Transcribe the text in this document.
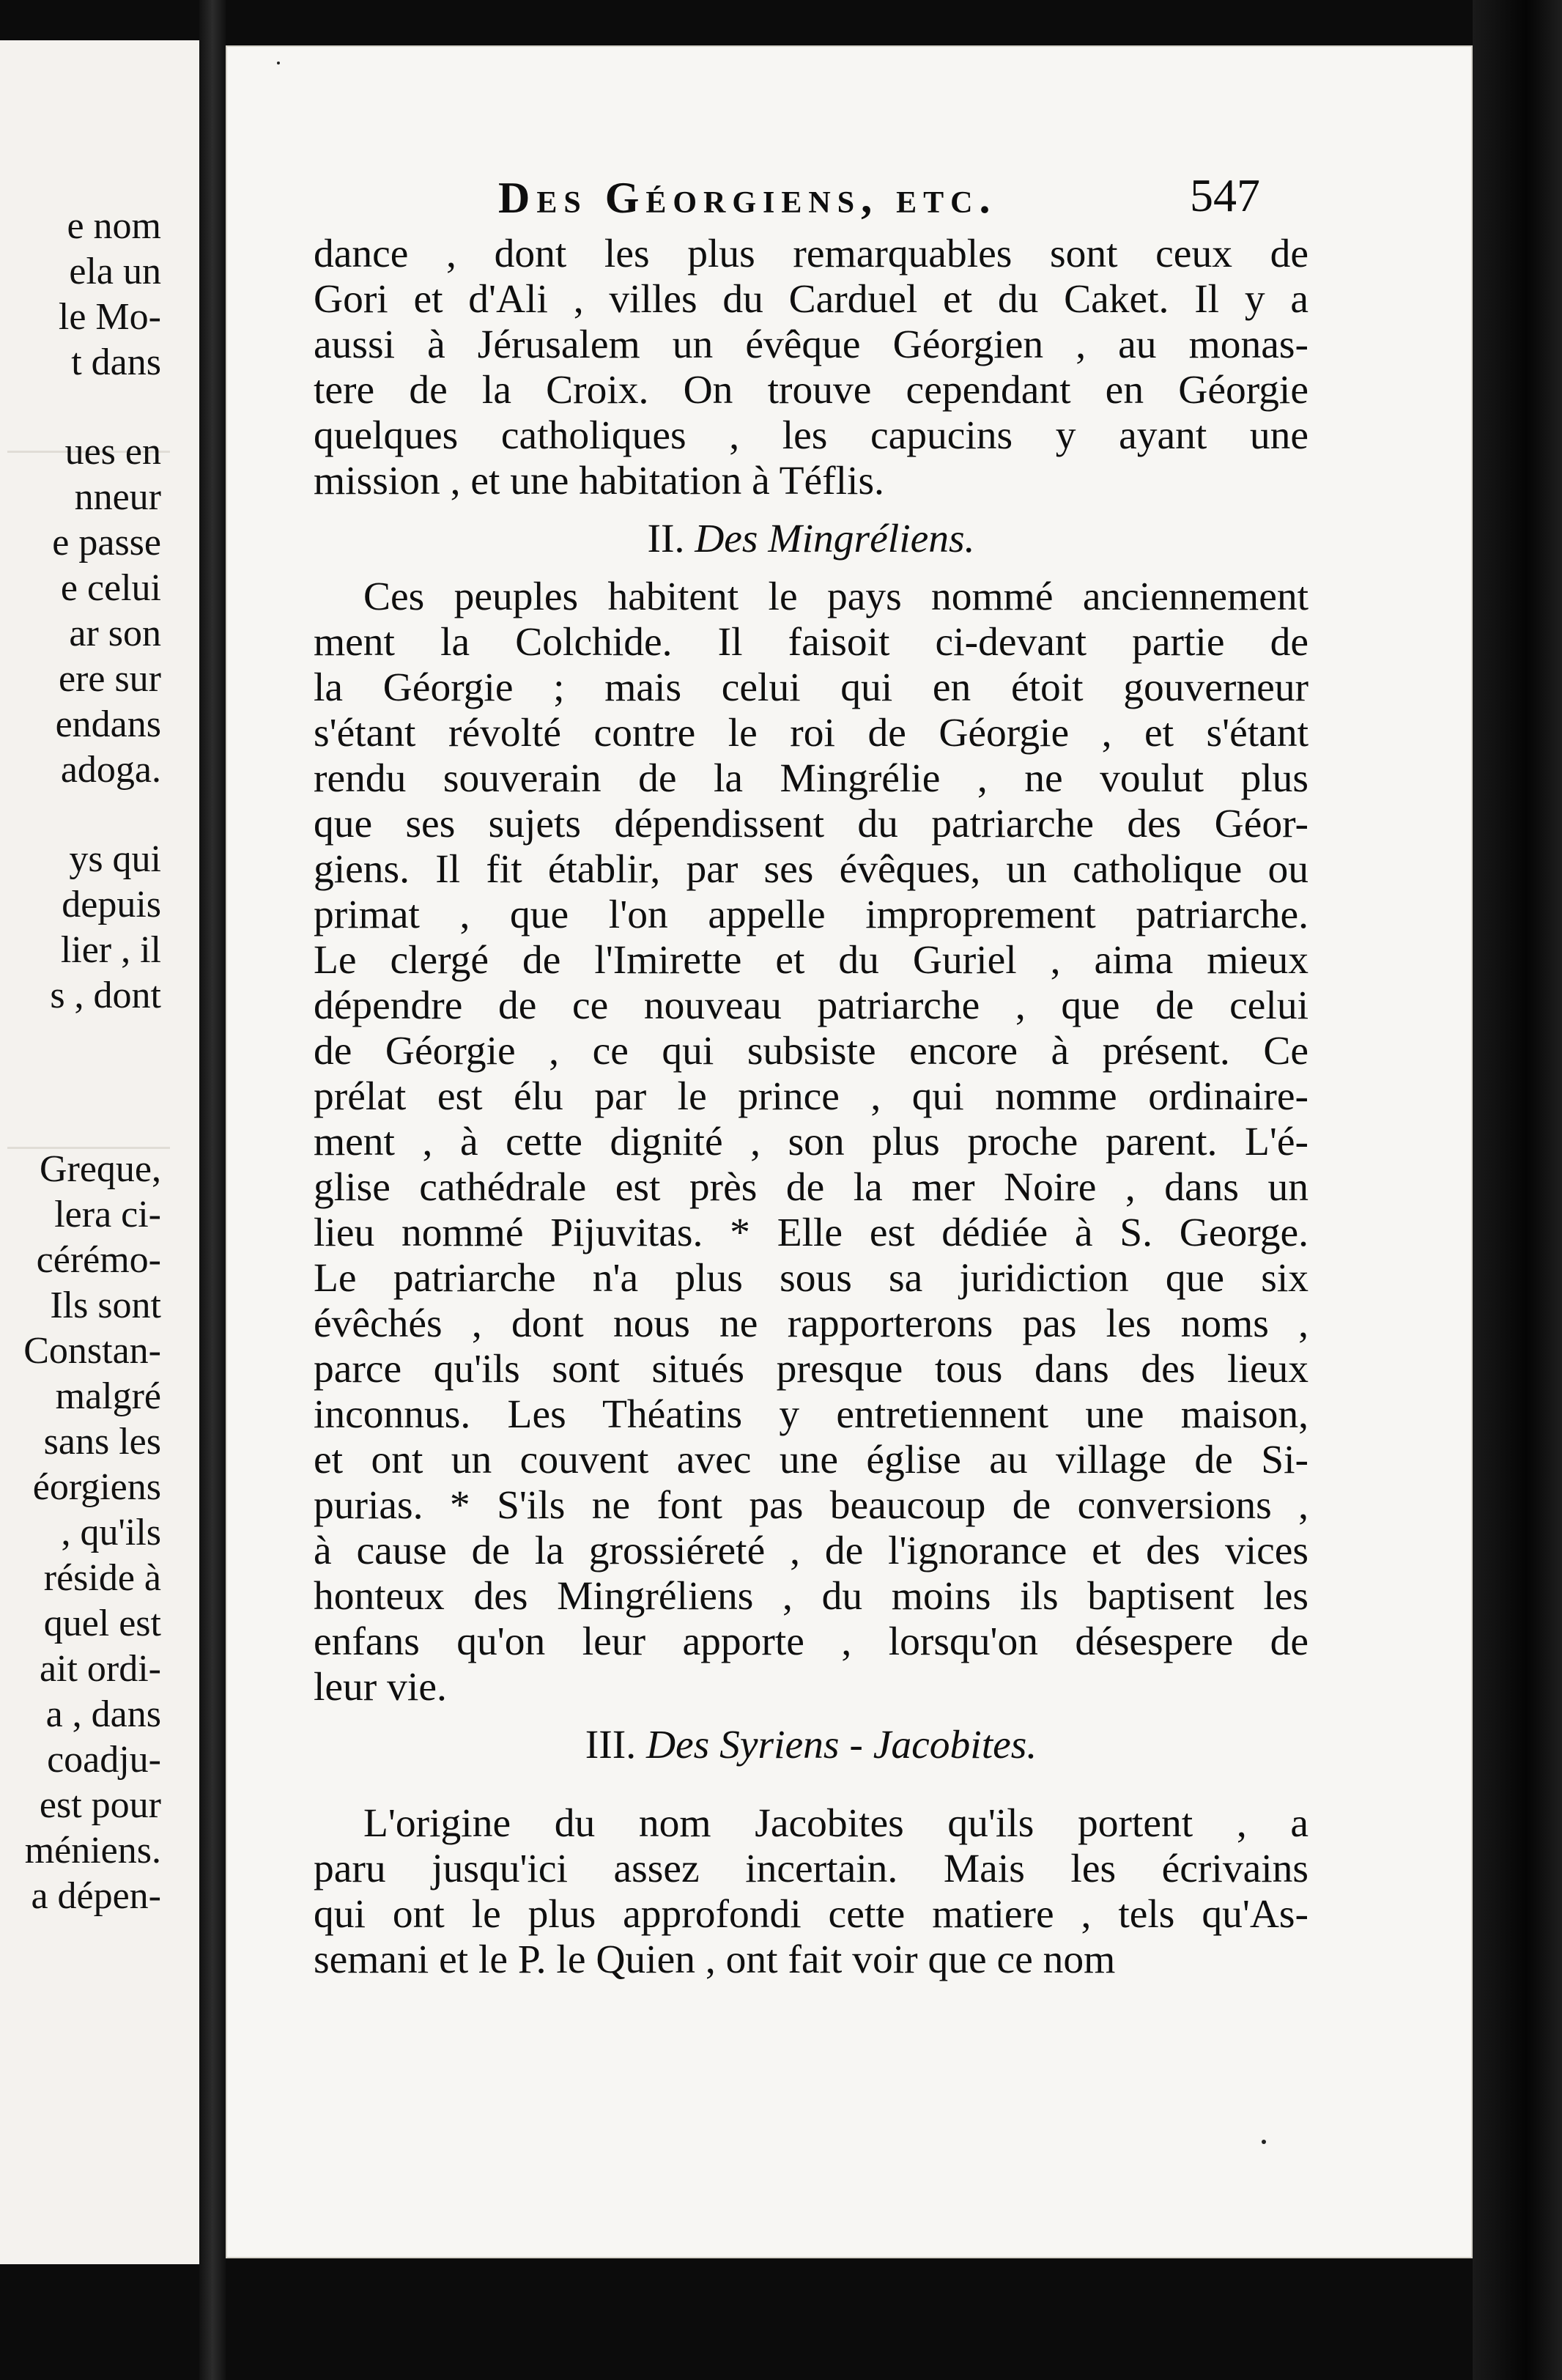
e nom
ela un
le Mo-
t dans
ues en
nneur
e passe
e celui
ar son
ere sur
endans
adoga.
ys qui
depuis
lier , il
s , dont
Greque,
lera ci-
cérémo-
Ils sont
Constan-
malgré
sans les
éorgiens
, qu'ils
réside à
quel est
ait ordi-
a , dans
coadju-
est pour
méniens.
a dépen-
Des Géorgiens, etc.	547
dance , dont les plus remarquables sont ceux de
Gori et d'Ali , villes du Carduel et du Caket. Il y a
aussi à Jérusalem un évêque Géorgien , au monas-
tere de la Croix. On trouve cependant en Géorgie
quelques catholiques , les capucins y ayant une
mission , et une habitation à Téflis.
II. Des Mingréliens.
Ces peuples habitent le pays nommé anciennement
ment la Colchide. Il faisoit ci-devant partie de
la Géorgie ; mais celui qui en étoit gouverneur
s'étant révolté contre le roi de Géorgie , et s'étant
rendu souverain de la Mingrélie , ne voulut plus
que ses sujets dépendissent du patriarche des Géor-
giens. Il fit établir, par ses évêques, un catholique ou
primat , que l'on appelle improprement patriarche.
Le clergé de l'Imirette et du Guriel , aima mieux
dépendre de ce nouveau patriarche , que de celui
de Géorgie , ce qui subsiste encore à présent. Ce
prélat est élu par le prince , qui nomme ordinaire-
ment , à cette dignité , son plus proche parent. L'é-
glise cathédrale est près de la mer Noire , dans un
lieu nommé Pijuvitas. * Elle est dédiée à S. George.
Le patriarche n'a plus sous sa juridiction que six
évêchés , dont nous ne rapporterons pas les noms ,
parce qu'ils sont situés presque tous dans des lieux
inconnus. Les Théatins y entretiennent une maison,
et ont un couvent avec une église au village de Si-
purias. * S'ils ne font pas beaucoup de conversions ,
à cause de la grossiéreté , de l'ignorance et des vices
honteux des Mingréliens , du moins ils baptisent les
enfans qu'on leur apporte , lorsqu'on désespere de
leur vie.
III. Des Syriens - Jacobites.
L'origine du nom Jacobites qu'ils portent , a
paru jusqu'ici assez incertain. Mais les écrivains
qui ont le plus approfondi cette matiere , tels qu'As-
semani et le P. le Quien , ont fait voir que ce nom
